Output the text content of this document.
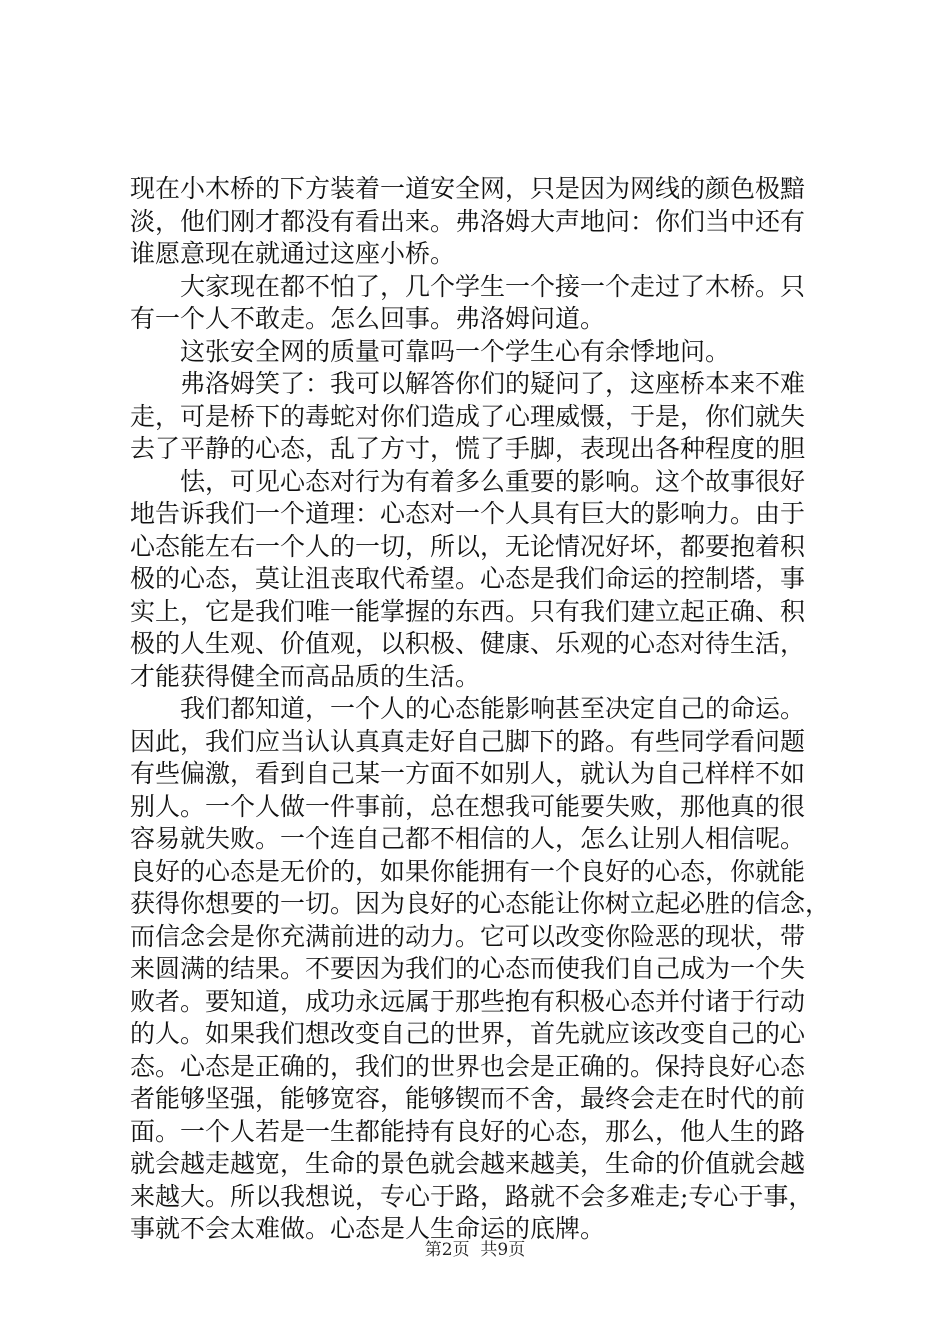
现在小木桥的下方装着一道安全网，只是因为网线的颜色极黯
淡，他们刚才都没有看出来。弗洛姆大声地问：你们当中还有
谁愿意现在就通过这座小桥。
大家现在都不怕了，几个学生一个接一个走过了木桥。只
有一个人不敢走。怎么回事。弗洛姆问道。
这张安全网的质量可靠吗一个学生心有余悸地问。
弗洛姆笑了：我可以解答你们的疑问了，这座桥本来不难
走，可是桥下的毒蛇对你们造成了心理威慑，于是，你们就失
去了平静的心态，乱了方寸，慌了手脚，表现出各种程度的胆
怯，可见心态对行为有着多么重要的影响。这个故事很好
地告诉我们一个道理：心态对一个人具有巨大的影响力。由于
心态能左右一个人的一切，所以，无论情况好坏，都要抱着积
极的心态，莫让沮丧取代希望。心态是我们命运的控制塔，事
实上，它是我们唯一能掌握的东西。只有我们建立起正确、积
极的人生观、价值观，以积极、健康、乐观的心态对待生活，
才能获得健全而高品质的生活。
我们都知道，一个人的心态能影响甚至决定自己的命运。
因此，我们应当认认真真走好自己脚下的路。有些同学看问题
有些偏激，看到自己某一方面不如别人，就认为自己样样不如
别人。一个人做一件事前，总在想我可能要失败，那他真的很
容易就失败。一个连自己都不相信的人，怎么让别人相信呢。
良好的心态是无价的，如果你能拥有一个良好的心态，你就能
获得你想要的一切。因为良好的心态能让你树立起必胜的信念，
而信念会是你充满前进的动力。它可以改变你险恶的现状，带
来圆满的结果。不要因为我们的心态而使我们自己成为一个失
败者。要知道，成功永远属于那些抱有积极心态并付诸于行动
的人。如果我们想改变自己的世界，首先就应该改变自己的心
态。心态是正确的，我们的世界也会是正确的。保持良好心态
者能够坚强，能够宽容，能够锲而不舍，最终会走在时代的前
面。一个人若是一生都能持有良好的心态，那么，他人生的路
就会越走越宽，生命的景色就会越来越美，生命的价值就会越
来越大。所以我想说，专心于路，路就不会多难走;专心于事，
事就不会太难做。心态是人生命运的底牌。
第2页  共9页
